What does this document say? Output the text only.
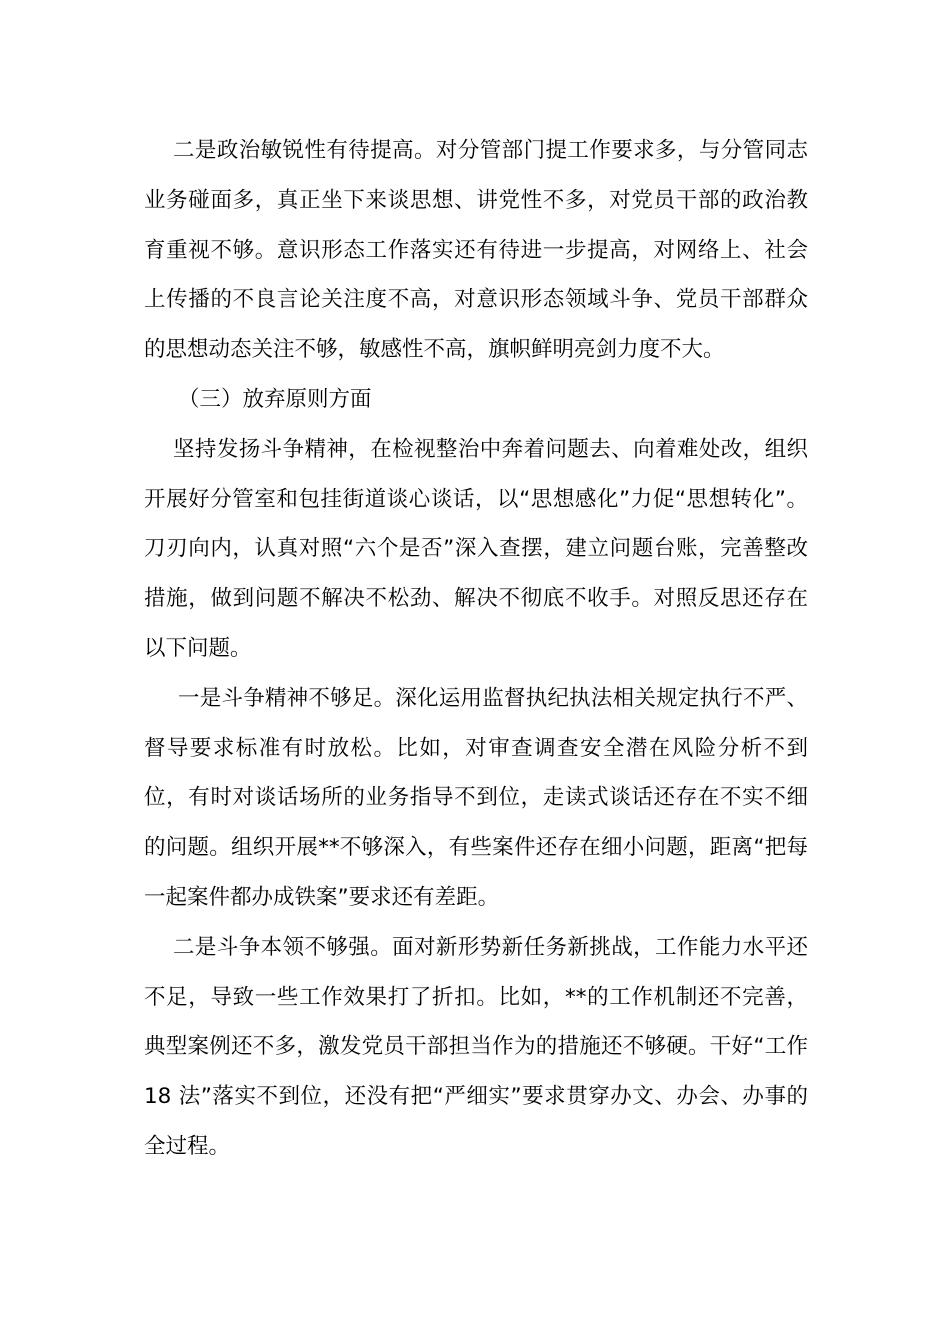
二是政治敏锐性有待提高。对分管部门提工作要求多，与分管同志业务碰面多，真正坐下来谈思想、讲党性不多，对党员干部的政治教育重视不够。意识形态工作落实还有待进一步提高，对网络上、社会上传播的不良言论关注度不高，对意识形态领域斗争、党员干部群众的思想动态关注不够，敏感性不高，旗帜鲜明亮剑力度不大。

（三）放弃原则方面

坚持发扬斗争精神，在检视整治中奔着问题去、向着难处改，组织开展好分管室和包挂街道谈心谈话，以“思想感化”力促“思想转化”。刀刃向内，认真对照“六个是否”深入查摆，建立问题台账，完善整改措施，做到问题不解决不松劲、解决不彻底不收手。对照反思还存在以下问题。

一是斗争精神不够足。深化运用监督执纪执法相关规定执行不严、督导要求标准有时放松。比如，对审查调查安全潜在风险分析不到位，有时对谈话场所的业务指导不到位，走读式谈话还存在不实不细的问题。组织开展**不够深入，有些案件还存在细小问题，距离“把每一起案件都办成铁案”要求还有差距。

二是斗争本领不够强。面对新形势新任务新挑战，工作能力水平还不足，导致一些工作效果打了折扣。比如，**的工作机制还不完善，典型案例还不多，激发党员干部担当作为的措施还不够硬。干好“工作 18 法”落实不到位，还没有把“严细实”要求贯穿办文、办会、办事的全过程。
